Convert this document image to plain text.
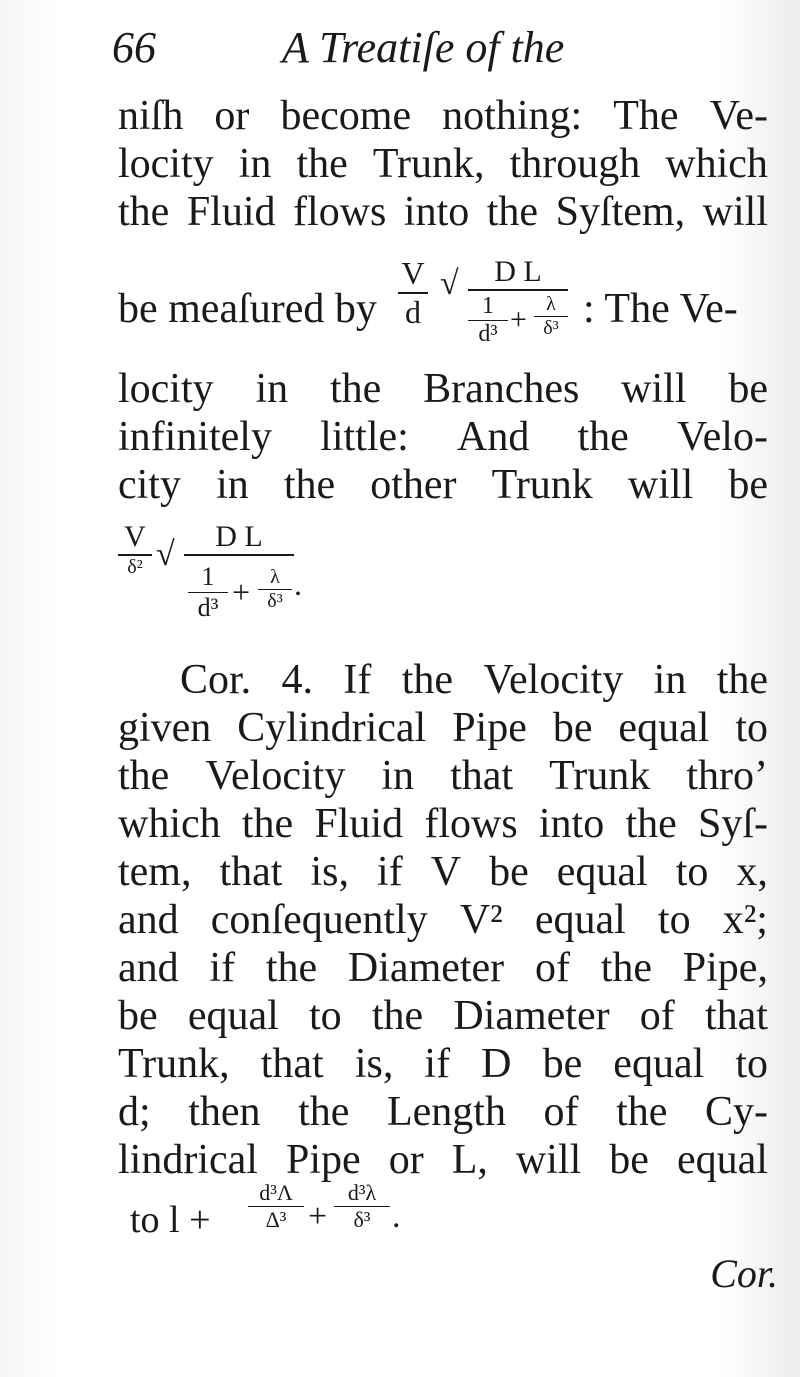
66	A Treatiſe of the
niſh or become nothing: The Ve-
locity in the Trunk, through which
the Fluid flows into the Syſtem, will
be meaſured by $\frac{V}{d}$ √	D L
$\frac{1}{\text{d³}} + \frac{\lambda}{\text{δ³}}$ : The Ve-
locity in the Branches will be
infinitely little: And the Velo-
city in the other Trunk will be
V
δ² √	D L
$\frac{1}{\text{d³}} + \frac{\lambda}{\text{δ³}}$ .
Cor. 4. If the Velocity in the
given Cylindrical Pipe be equal to
the Velocity in that Trunk thro’
which the Fluid flows into the Syſ-
tem, that is, if V be equal to x,
and conſequently V² equal to x²;
and if the Diameter of the Pipe,
be equal to the Diameter of that
Trunk, that is, if D be equal to
d; then the Length of the Cy-
lindrical Pipe or L, will be equal
to $l + \frac{\text{d³Λ}}{\text{Δ³}} + \frac{\text{d³λ}}{\text{δ³}}$ .
Cor.
